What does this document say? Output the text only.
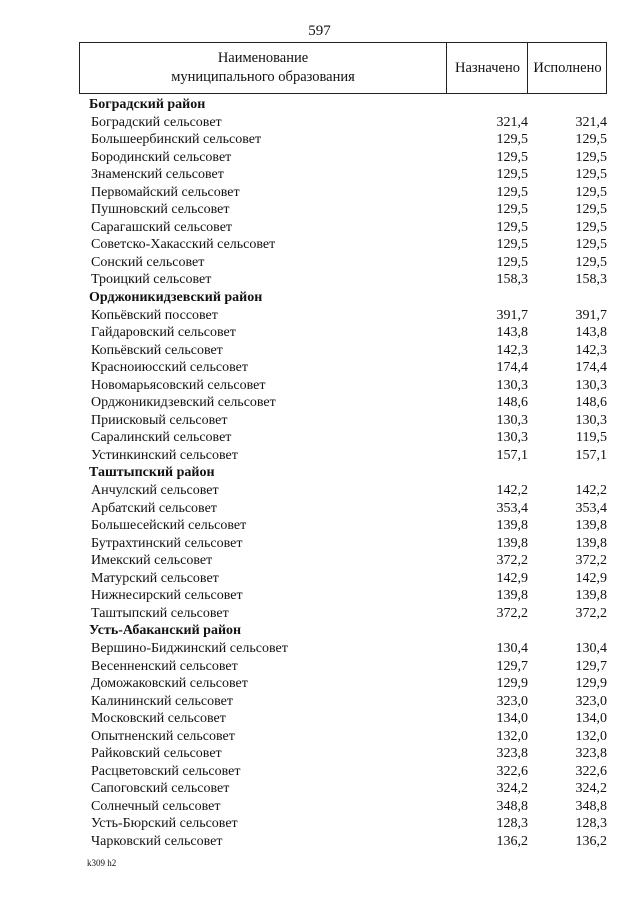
597
Наименование
муниципального образования
Назначено Исполнено
Боградский район
Боградский сельсовет	321,4	321,4
Большеербинский сельсовет	129,5	129,5
Бородинский сельсовет	129,5	129,5
Знаменский сельсовет	129,5	129,5
Первомайский сельсовет	129,5	129,5
Пушновский сельсовет	129,5	129,5
Сарагашский сельсовет	129,5	129,5
Советско-Хакасский сельсовет	129,5	129,5
Сонский сельсовет	129,5	129,5
Троицкий сельсовет	158,3	158,3
Орджоникидзевский район
Копьёвский поссовет	391,7	391,7
Гайдаровский сельсовет	143,8	143,8
Копьёвский сельсовет	142,3	142,3
Красноиюсский сельсовет	174,4	174,4
Новомарьясовский сельсовет	130,3	130,3
Орджоникидзевский сельсовет	148,6	148,6
Приисковый сельсовет	130,3	130,3
Саралинский сельсовет	130,3	119,5
Устинкинский сельсовет	157,1	157,1
Таштыпский район
Анчулский сельсовет	142,2	142,2
Арбатский сельсовет	353,4	353,4
Большесейский сельсовет	139,8	139,8
Бутрахтинский сельсовет	139,8	139,8
Имекский сельсовет	372,2	372,2
Матурский сельсовет	142,9	142,9
Нижнесирский сельсовет	139,8	139,8
Таштыпский сельсовет	372,2	372,2
Усть-Абаканский район
Вершино-Биджинский сельсовет	130,4	130,4
Весенненский сельсовет	129,7	129,7
Доможаковский сельсовет	129,9	129,9
Калининский сельсовет	323,0	323,0
Московский сельсовет	134,0	134,0
Опытненский сельсовет	132,0	132,0
Райковский сельсовет	323,8	323,8
Расцветовский сельсовет	322,6	322,6
Сапоговский сельсовет	324,2	324,2
Солнечный сельсовет	348,8	348,8
Усть-Бюрский сельсовет	128,3	128,3
Чарковский сельсовет	136,2	136,2
k309 h2
